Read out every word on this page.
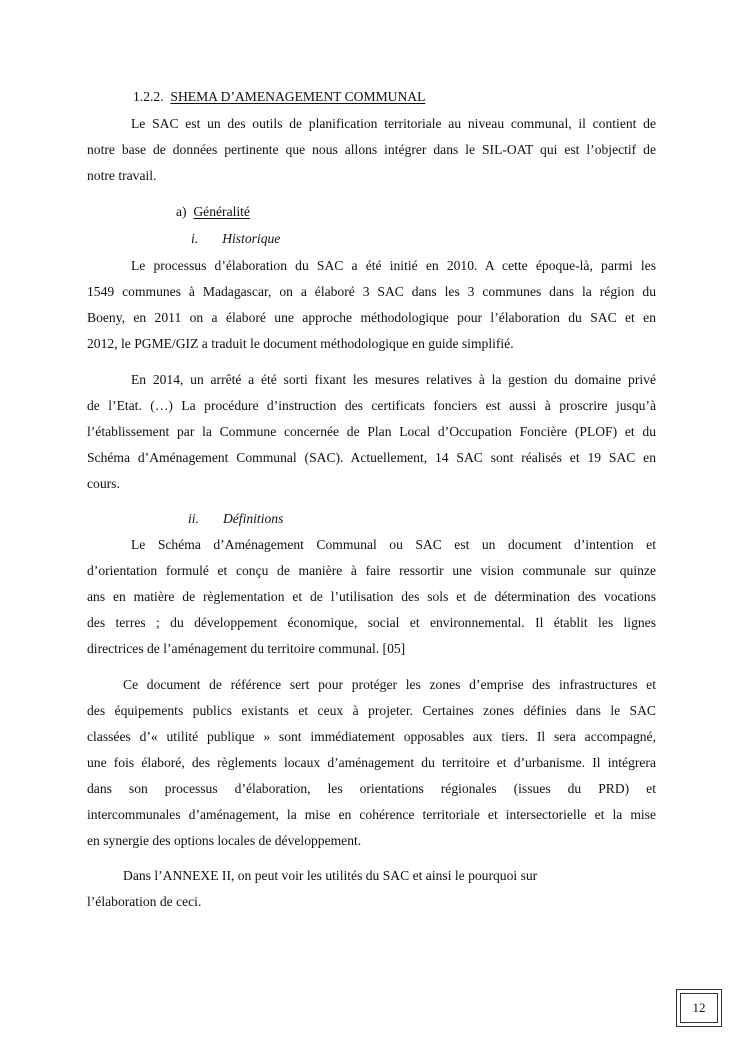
1.2.2. SHEMA D’AMENAGEMENT COMMUNAL
Le SAC est un des outils de planification territoriale au niveau communal, il contient de
notre base de données pertinente que nous allons intégrer dans le SIL-OAT qui est l’objectif de
notre travail.
a) Généralité
i. Historique
Le processus d’élaboration du SAC a été initié en 2010. A cette époque-là, parmi les
1549 communes à Madagascar, on a élaboré 3 SAC dans les 3 communes dans la région du
Boeny, en 2011 on a élaboré une approche méthodologique pour l’élaboration du SAC et en
2012, le PGME/GIZ a traduit le document méthodologique en guide simplifié.
En 2014, un arrêté a été sorti fixant les mesures relatives à la gestion du domaine privé
de l’Etat. (…) La procédure d’instruction des certificats fonciers est aussi à proscrire jusqu’à
l’établissement par la Commune concernée de Plan Local d’Occupation Foncière (PLOF) et du
Schéma d’Aménagement Communal (SAC). Actuellement, 14 SAC sont réalisés et 19 SAC en
cours.
ii. Définitions
Le Schéma d’Aménagement Communal ou SAC est un document d’intention et
d’orientation formulé et conçu de manière à faire ressortir une vision communale sur quinze
ans en matière de règlementation et de l’utilisation des sols et de détermination des vocations
des terres ; du développement économique, social et environnemental. Il établit les lignes
directrices de l’aménagement du territoire communal. [05]
Ce document de référence sert pour protéger les zones d’emprise des infrastructures et
des équipements publics existants et ceux à projeter. Certaines zones définies dans le SAC
classées d’« utilité publique » sont immédiatement opposables aux tiers. Il sera accompagné,
une fois élaboré, des règlements locaux d’aménagement du territoire et d’urbanisme. Il intégrera
dans son processus d’élaboration, les orientations régionales (issues du PRD) et
intercommunales d’aménagement, la mise en cohérence territoriale et intersectorielle et la mise
en synergie des options locales de développement.
Dans l’ANNEXE II, on peut voir les utilités du SAC et ainsi le pourquoi sur
l’élaboration de ceci.
12
